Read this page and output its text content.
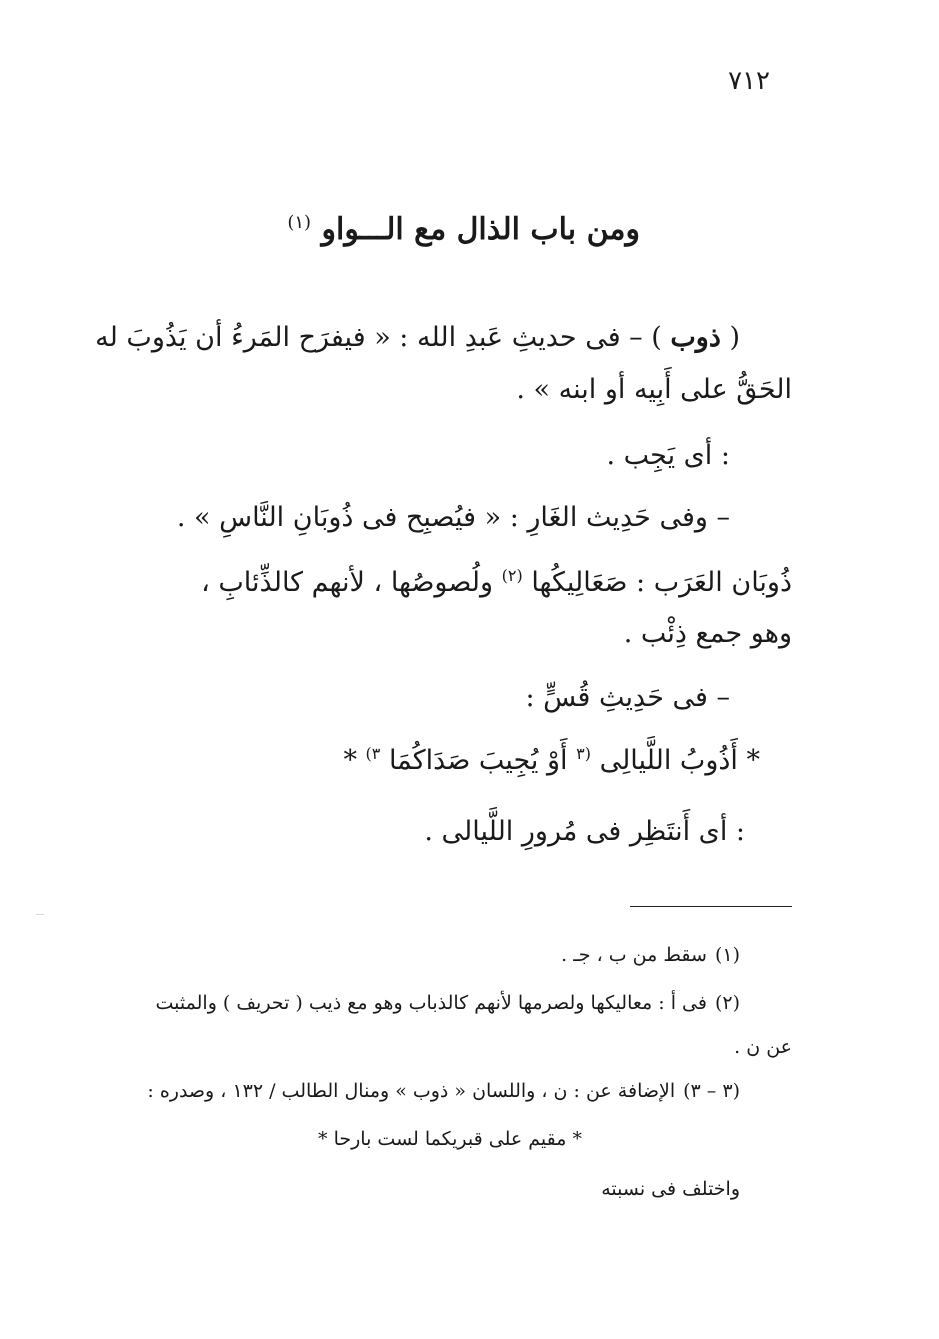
٧١٢
ومن باب الذال مع الـــواو $^{(١)}$
( ذوب ) – فى حديثِ عَبدِ الله : « فيفرَح المَرءُ أن يَذُوبَ له
الحَقُّ على أَبِيه أو ابنه » .
: أى يَجِب .
– وفى حَدِيث الغَارِ : « فيُصبِح فى ذُوبَانِ النَّاسِ » .
ذُوبَان العَرَب : صَعَالِيكُها $^{(٢)}$ ولُصوصُها ، لأنهم كالذِّئابِ ،
وهو جمع ذِئْب .
– فى حَدِيثِ قُسٍّ :
* أَذُوبُ اللَّيالِى $^{(٣}$ أَوْ يُجِيبَ صَدَاكُمَا $^{٣)}$ *
: أى أَنتَظِر فى مُرورِ اللَّيالى .
(١)سقط من ب ، جـ .
(٢)فى أ : معاليكها ولصرمها لأنهم كالذباب وهو مع ذيب ( تحريف ) والمثبت
عن ن .
(٣ – ٣)الإضافة عن : ن ، واللسان « ذوب » ومنال الطالب / ١٣٢ ، وصدره :
* مقيم على قبريكما لست بارحا *
واختلف فى نسبته
